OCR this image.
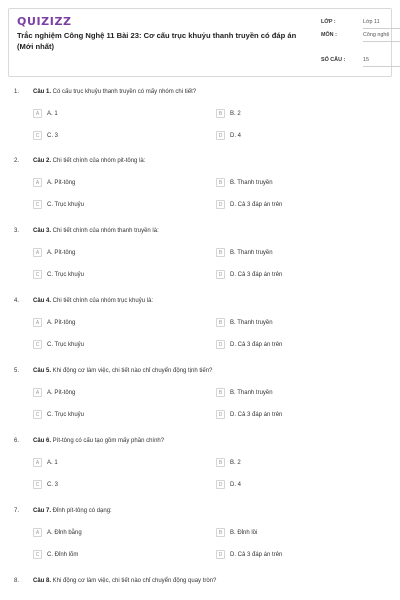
QUIZIZZ
Trắc nghiệm Công Nghệ 11 Bài 23: Cơ cấu trục khuỷu thanh truyền có đáp án (Mới nhất)
LỚP :	Lớp 11
MÔN :	Công nghệ
SỐ CÂU :	15
1. Câu 1. Có cấu trục khuỷu thanh truyền có mấy nhóm chi tiết?
A	A. 1	B	B. 2
C	C. 3	D	D. 4
2. Câu 2. Chi tiết chính của nhóm pit-tông là:
A	A. Pít-tông	B	B. Thanh truyền
C	C. Trục khuỷu	D	D. Cả 3 đáp án trên
3. Câu 3. Chi tiết chính của nhóm thanh truyền là:
A	A. Pít-tông	B	B. Thanh truyền
C	C. Trục khuỷu	D	D. Cả 3 đáp án trên
4. Câu 4. Chi tiết chính của nhóm trục khuỷu là:
A	A. Pít-tông	B	B. Thanh truyền
C	C. Trục khuỷu	D	D. Cả 3 đáp án trên
5. Câu 5. Khi động cơ làm việc, chi tiết nào chỉ chuyển động tịnh tiến?
A	A. Pít-tông	B	B. Thanh truyền
C	C. Trục khuỷu	D	D. Cả 3 đáp án trên
6. Câu 6. Pít-tông có cấu tạo gồm mấy phần chính?
A	A. 1	B	B. 2
C	C. 3	D	D. 4
7. Câu 7. Đỉnh pít-tông có dạng:
A	A. Đỉnh bằng	B	B. Đỉnh lồi
C	C. Đỉnh lõm	D	D. Cả 3 đáp án trên
8. Câu 8. Khi động cơ làm việc, chi tiết nào chỉ chuyển động quay tròn?
